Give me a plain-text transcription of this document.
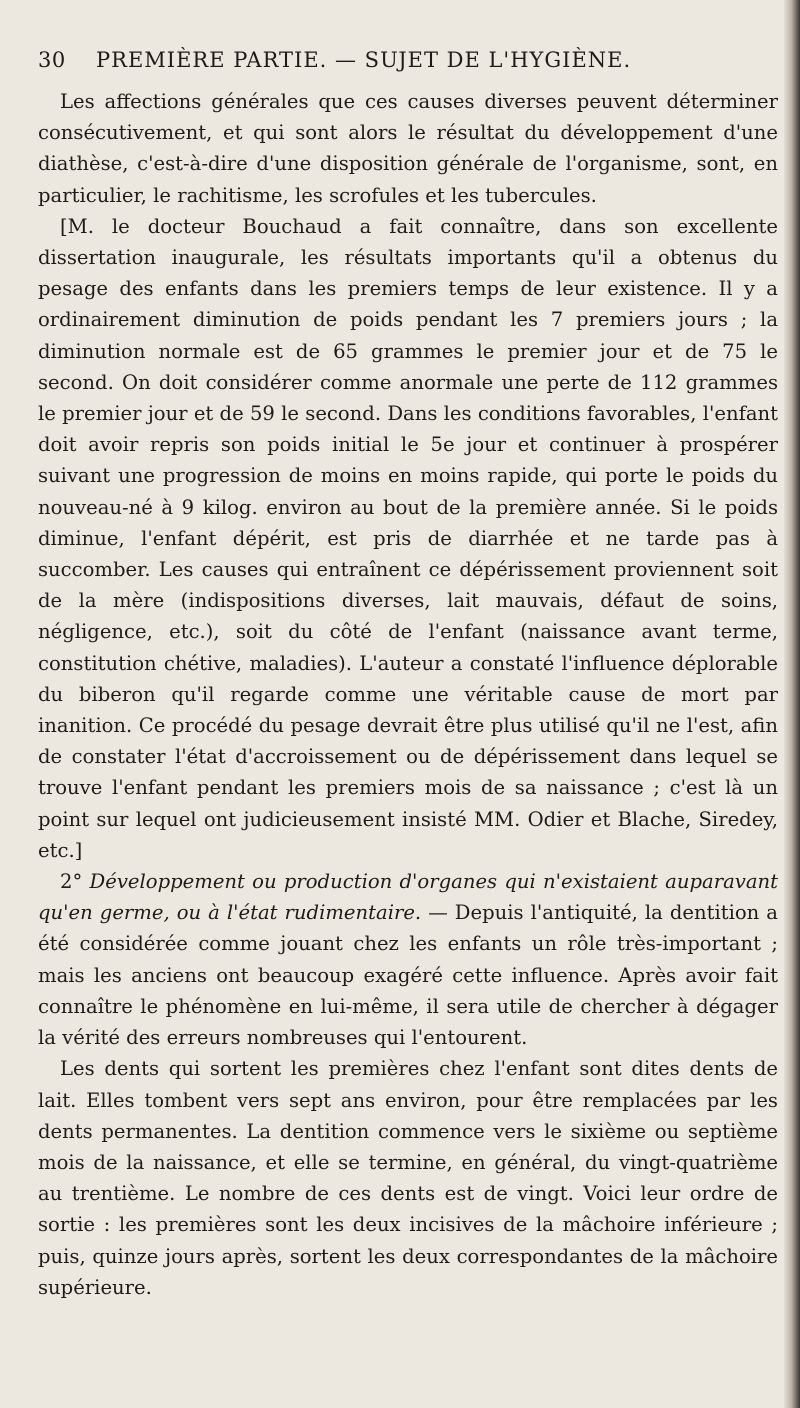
30	PREMIÈRE PARTIE. — SUJET DE L'HYGIÈNE.

Les affections générales que ces causes diverses peuvent déterminer consécutivement, et qui sont alors le résultat du développement d'une diathèse, c'est-à-dire d'une disposition générale de l'organisme, sont, en particulier, le rachitisme, les scrofules et les tubercules.

[M. le docteur Bouchaud a fait connaître, dans son excellente dissertation inaugurale, les résultats importants qu'il a obtenus du pesage des enfants dans les premiers temps de leur existence. Il y a ordinairement diminution de poids pendant les 7 premiers jours ; la diminution normale est de 65 grammes le premier jour et de 75 le second. On doit considérer comme anormale une perte de 112 grammes le premier jour et de 59 le second. Dans les conditions favorables, l'enfant doit avoir repris son poids initial le 5e jour et continuer à prospérer suivant une progression de moins en moins rapide, qui porte le poids du nouveau-né à 9 kilog. environ au bout de la première année. Si le poids diminue, l'enfant dépérit, est pris de diarrhée et ne tarde pas à succomber. Les causes qui entraînent ce dépérissement proviennent soit de la mère (indispositions diverses, lait mauvais, défaut de soins, négligence, etc.), soit du côté de l'enfant (naissance avant terme, constitution chétive, maladies). L'auteur a constaté l'influence déplorable du biberon qu'il regarde comme une véritable cause de mort par inanition. Ce procédé du pesage devrait être plus utilisé qu'il ne l'est, afin de constater l'état d'accroissement ou de dépérissement dans lequel se trouve l'enfant pendant les premiers mois de sa naissance ; c'est là un point sur lequel ont judicieusement insisté MM. Odier et Blache, Siredey, etc.]

2° Développement ou production d'organes qui n'existaient auparavant qu'en germe, ou à l'état rudimentaire. — Depuis l'antiquité, la dentition a été considérée comme jouant chez les enfants un rôle très-important ; mais les anciens ont beaucoup exagéré cette influence. Après avoir fait connaître le phénomène en lui-même, il sera utile de chercher à dégager la vérité des erreurs nombreuses qui l'entourent.

Les dents qui sortent les premières chez l'enfant sont dites dents de lait. Elles tombent vers sept ans environ, pour être remplacées par les dents permanentes. La dentition commence vers le sixième ou septième mois de la naissance, et elle se termine, en général, du vingt-quatrième au trentième. Le nombre de ces dents est de vingt. Voici leur ordre de sortie : les premières sont les deux incisives de la mâchoire inférieure ; puis, quinze jours après, sortent les deux correspondantes de la mâchoire supérieure.
